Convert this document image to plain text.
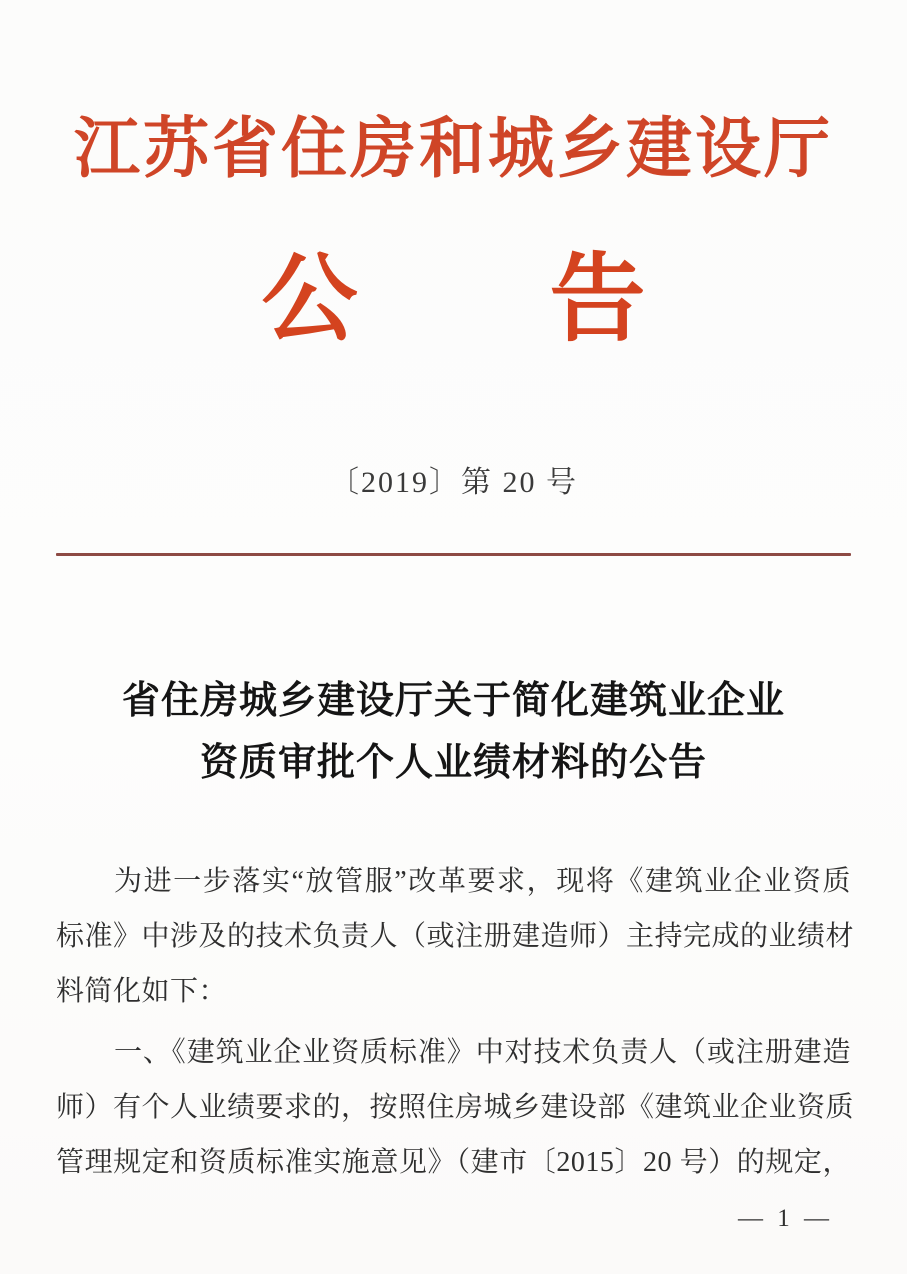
江苏省住房和城乡建设厅
公　　告
〔2019〕第 20 号
省住房城乡建设厅关于简化建筑业企业
资质审批个人业绩材料的公告
为进一步落实“放管服”改革要求，现将《建筑业企业资质
标准》中涉及的技术负责人（或注册建造师）主持完成的业绩材
料简化如下：
一、《建筑业企业资质标准》中对技术负责人（或注册建造
师）有个人业绩要求的，按照住房城乡建设部《建筑业企业资质
管理规定和资质标准实施意见》（建市〔2015〕20 号）的规定，
— 1 —
